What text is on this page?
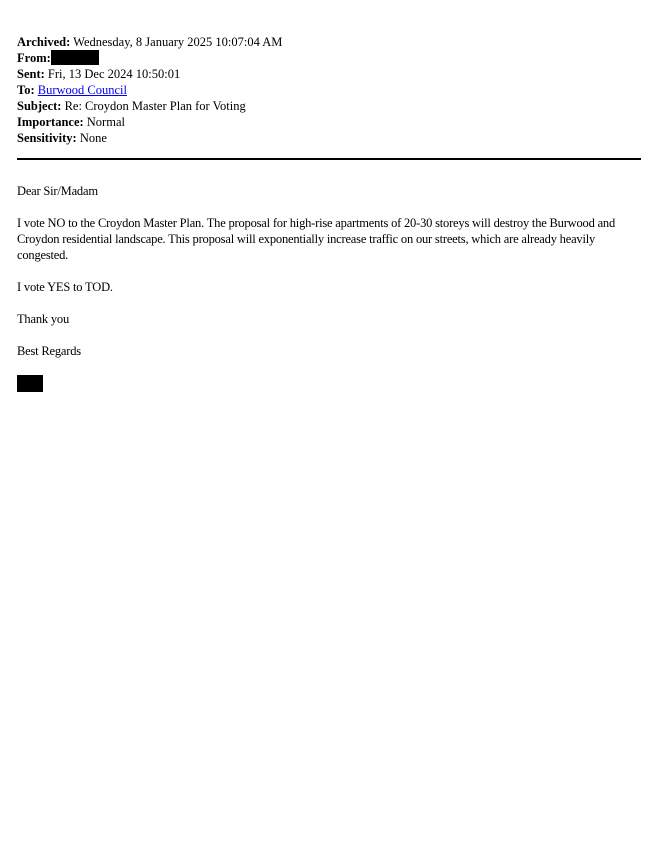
Archived: Wednesday, 8 January 2025 10:07:04 AM
From:
Sent: Fri, 13 Dec 2024 10:50:01
To: Burwood Council
Subject: Re: Croydon Master Plan for Voting
Importance: Normal
Sensitivity: None

Dear Sir/Madam

I vote NO to the Croydon Master Plan. The proposal for high-rise apartments of 20-30 storeys will destroy the Burwood and Croydon residential landscape. This proposal will exponentially increase traffic on our streets, which are already heavily congested.

I vote YES to TOD.

Thank you

Best Regards
